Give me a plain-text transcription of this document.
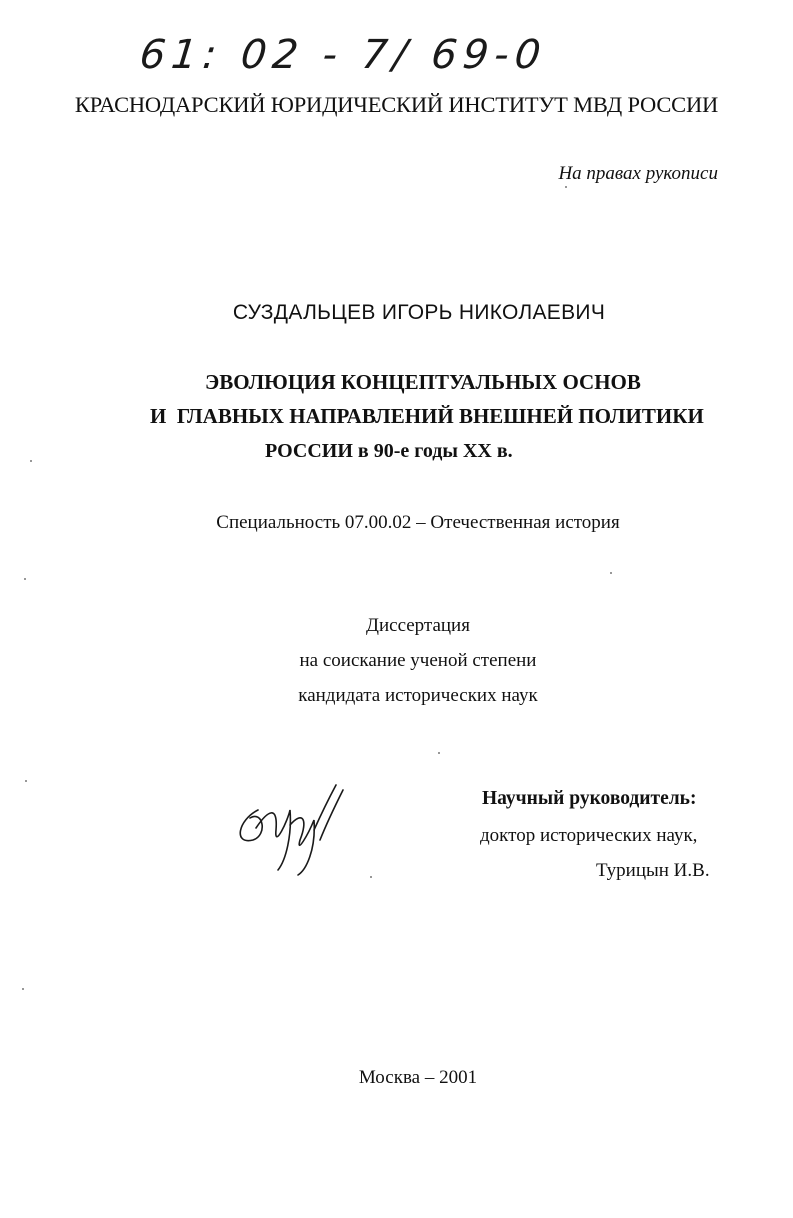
61: 02 - 7/ 69-0
КРАСНОДАРСКИЙ ЮРИДИЧЕСКИЙ ИНСТИТУТ МВД РОССИИ
На правах рукописи
СУЗДАЛЬЦЕВ ИГОРЬ НИКОЛАЕВИЧ
ЭВОЛЮЦИЯ КОНЦЕПТУАЛЬНЫХ ОСНОВ
И  ГЛАВНЫХ НАПРАВЛЕНИЙ ВНЕШНЕЙ ПОЛИТИКИ
РОССИИ в 90-е годы XX в.
Специальность 07.00.02 – Отечественная история
Диссертация
на соискание ученой степени
кандидата исторических наук
Научный руководитель:
доктор исторических наук,
Турицын И.В.
Москва – 2001
